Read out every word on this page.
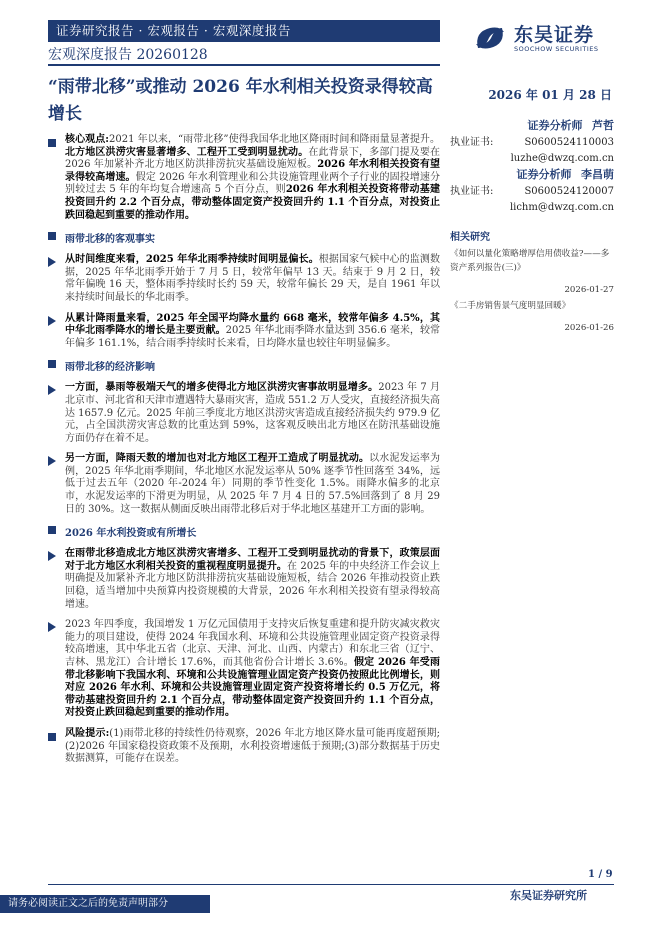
证券研究报告 · 宏观报告 · 宏观深度报告
宏观深度报告 20260128
东吴证券
SOOCHOW SECURITIES
“雨带北移”或推动 2026 年水利相关投资录得较高增长
2026 年 01 月 28 日

核心观点:2021 年以来，“雨带北移”使得我国华北地区降雨时间和降雨量显著提升。北方地区洪涝灾害显著增多、工程开工受到明显扰动。在此背景下，多部门提及要在 2026 年加紧补齐北方地区防洪排涝抗灾基础设施短板。2026 年水利相关投资有望录得较高增速。假定 2026 年水利管理业和公共设施管理业两个子行业的固投增速分别较过去 5 年的年均复合增速高 5 个百分点，则2026 年水利相关投资将带动基建投资回升约 2.2 个百分点，带动整体固定资产投资回升约 1.1 个百分点，对投资止跌回稳起到重要的推动作用。

雨带北移的客观事实

从时间维度来看，2025 年华北雨季持续时间明显偏长。根据国家气候中心的监测数据，2025 年华北雨季开始于 7 月 5 日，较常年偏早 13 天。结束于 9 月 2 日，较常年偏晚 16 天，整体雨季持续时长约 59 天，较常年偏长 29 天，是自 1961 年以来持续时间最长的华北雨季。

从累计降雨量来看，2025 年全国平均降水量约 668 毫米，较常年偏多 4.5%，其中华北雨季降水的增长是主要贡献。2025 年华北雨季降水量达到 356.6 毫米，较常年偏多 161.1%，结合雨季持续时长来看，日均降水量也较往年明显偏多。

雨带北移的经济影响

一方面，暴雨等极端天气的增多使得北方地区洪涝灾害事故明显增多。2023 年 7 月北京市、河北省和天津市遭遇特大暴雨灾害，造成 551.2 万人受灾，直接经济损失高达 1657.9 亿元。2025 年前三季度北方地区洪涝灾害造成直接经济损失约 979.9 亿元，占全国洪涝灾害总数的比重达到 59%，这客观反映出北方地区在防汛基础设施方面仍存在着不足。

另一方面，降雨天数的增加也对北方地区工程开工造成了明显扰动。以水泥发运率为例，2025 年华北雨季期间，华北地区水泥发运率从 50% 逐季节性回落至 34%，远低于过去五年（2020 年-2024 年）同期的季节性变化 1.5%。雨降水偏多的北京市，水泥发运率的下滑更为明显，从 2025 年 7 月 4 日的 57.5%回落到了 8 月 29 日的 30%。这一数据从侧面反映出雨带北移后对于华北地区基建开工方面的影响。

2026 年水利投资或有所增长

在雨带北移造成北方地区洪涝灾害增多、工程开工受到明显扰动的背景下，政策层面对于北方地区水利相关投资的重视程度明显提升。在 2025 年的中央经济工作会议上明确提及加紧补齐北方地区防洪排涝抗灾基础设施短板，结合 2026 年推动投资止跌回稳，适当增加中央预算内投资规模的大背景，2026 年水利相关投资有望录得较高增速。

2023 年四季度，我国增发 1 万亿元国债用于支持灾后恢复重建和提升防灾减灾救灾能力的项目建设，使得 2024 年我国水利、环境和公共设施管理业固定资产投资录得较高增速，其中华北五省（北京、天津、河北、山西、内蒙古）和东北三省（辽宁、吉林、黑龙江）合计增长 17.6%，而其他省份合计增长 3.6%。假定 2026 年受雨带北移影响下我国水利、环境和公共设施管理业固定资产投资仍按照此比例增长，则对应 2026 年水利、环境和公共设施管理业固定资产投资将增长约 0.5 万亿元，将带动基建投资回升约 2.1 个百分点，带动整体固定资产投资回升约 1.1 个百分点，对投资止跌回稳起到重要的推动作用。

风险提示:(1)雨带北移的持续性仍待观察，2026 年北方地区降水量可能再度超预期;(2)2026 年国家稳投资政策不及预期，水利投资增速低于预期;(3)部分数据基于历史数据测算，可能存在误差。

证券分析师 芦哲
执业证书:	S0600524110003
luzhe@dwzq.com.cn
证券分析师 李昌萌
执业证书:	S0600524120007
lichm@dwzq.com.cn
相关研究
《如何以量化策略增厚信用债收益?——多资产系列报告(三)》
2026-01-27
《二手房销售景气度明显回暖》
2026-01-26
1 / 9
东吴证券研究所
请务必阅读正文之后的免责声明部分
